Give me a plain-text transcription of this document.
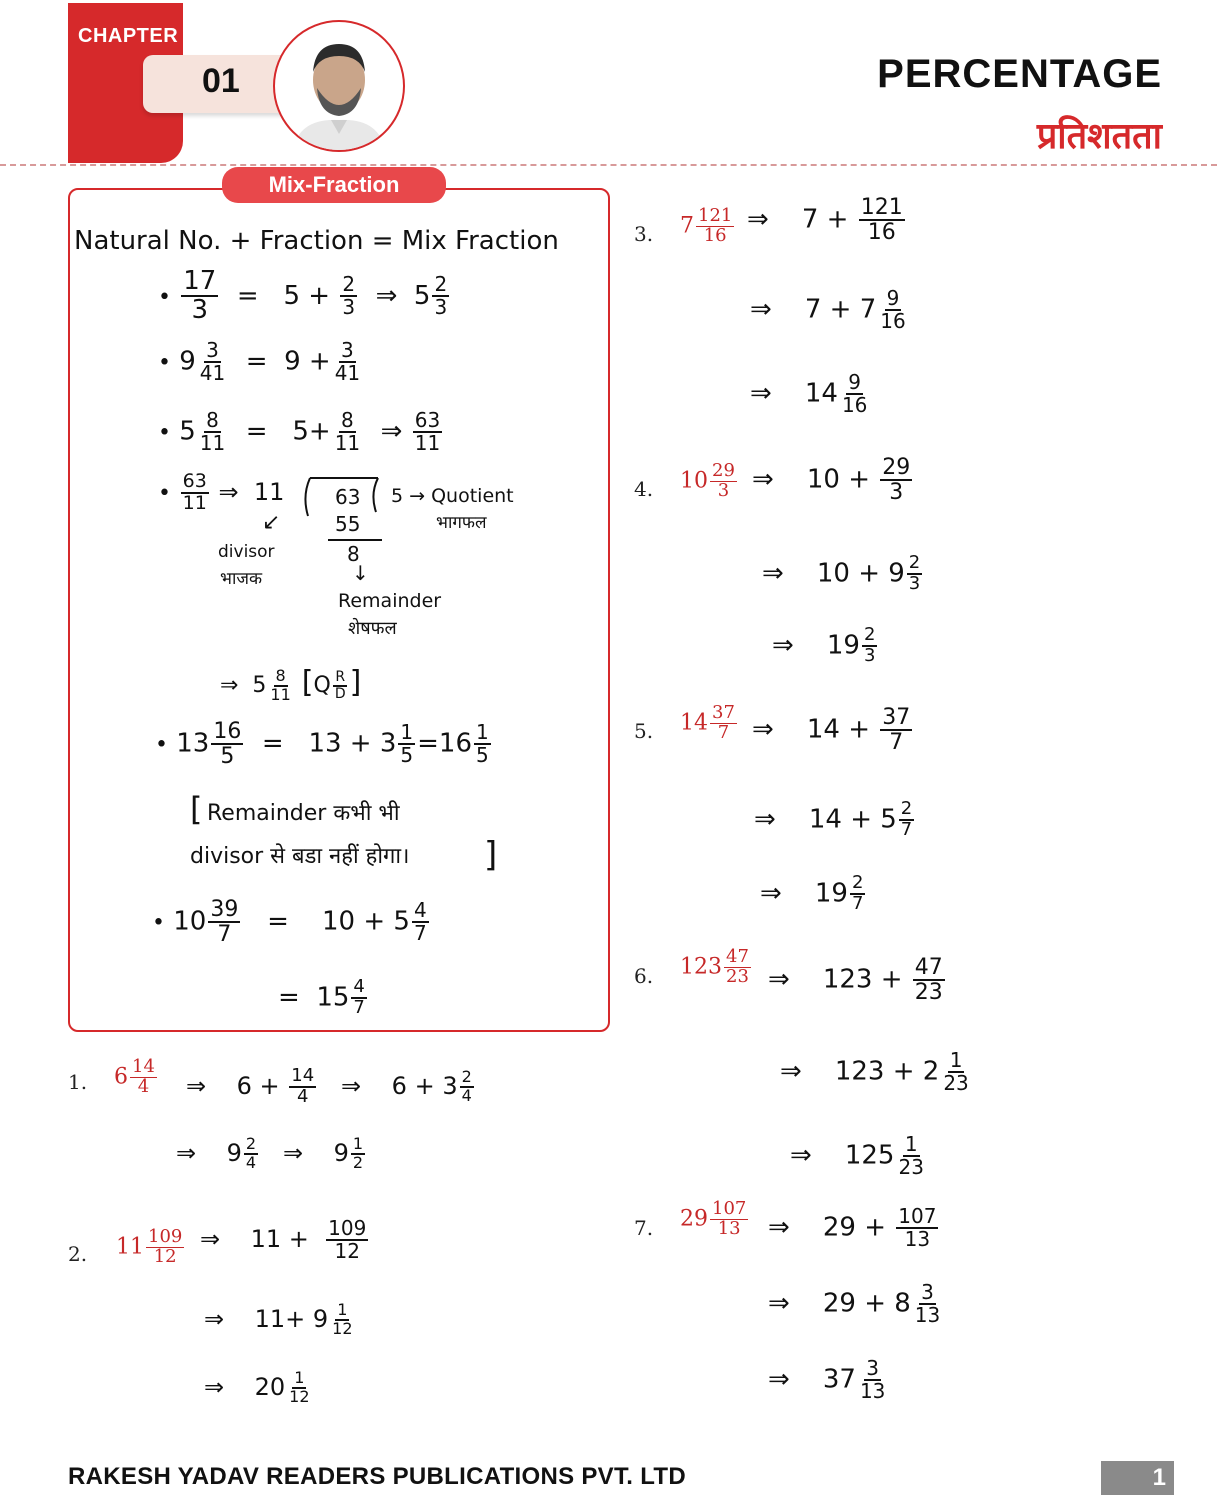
CHAPTER
01	PERCENTAGE
प्रतिशतता
Mix-Fraction
Natural No. + Fraction = Mix Fraction
• $\frac{17}{3} = 5 + \frac{2}{3}$ ⇒  $5 \frac{2}{3}$
• $9 \frac{3}{41} = 9 + \frac{3}{41}$
• $5 \frac{8}{11} = 5+ \frac{8}{11}$ ⇒ $\frac{63}{11}$
• $\frac{63}{11}$ ⇒  11	63 5 → Quotient
भागफल
55
8
↓
↙
divisor
भाजक
Remainder
शेषफल
⇒  $5 \frac{8}{11} [Q \frac{R}{D}$ ]
• $13 \frac{16}{5} = 13 + 3 \frac{1}{5} =16 \frac{1}{5}$
[ Remainder कभी भी
divisor से बडा नहीं होगा। ]
• $10 \frac{39}{7}$ =    $10 + 5 \frac{4}{7}$
=  $15 \frac{4}{7}$
1. $6 \frac{14}{4}$ ⇒    $6 + \frac{14}{4}$ ⇒    $6 + 3 \frac{2}{4}$
⇒    $9 \frac{2}{4}$ ⇒    $9 \frac{1}{2}$
2. $11 \frac{109}{12}$ ⇒    $11 + \frac{109}{12}$
⇒    $11+ 9 \frac{1}{12}$
⇒    $20 \frac{1}{12}$
3. $7 \frac{121}{16}$ ⇒    $7 + \frac{121}{16}$
⇒    $7 + 7 \frac{9}{16}$
⇒    $14 \frac{9}{16}$
4. $10 \frac{29}{3}$ ⇒    $10 + \frac{29}{3}$
⇒    $10 + 9 \frac{2}{3}$
⇒    $19 \frac{2}{3}$
5. $14 \frac{37}{7}$ ⇒    $14 + \frac{37}{7}$
⇒    $14 + 5 \frac{2}{7}$
⇒    $19 \frac{2}{7}$
6. $123 \frac{47}{23}$ ⇒    $123 + \frac{47}{23}$
⇒    $123 + 2 \frac{1}{23}$
⇒    $125 \frac{1}{23}$
7. $29 \frac{107}{13}$ ⇒    $29 + \frac{107}{13}$
⇒    $29 + 8 \frac{3}{13}$
⇒    $37 \frac{3}{13}$
RAKESH YADAV READERS PUBLICATIONS PVT. LTD	1
